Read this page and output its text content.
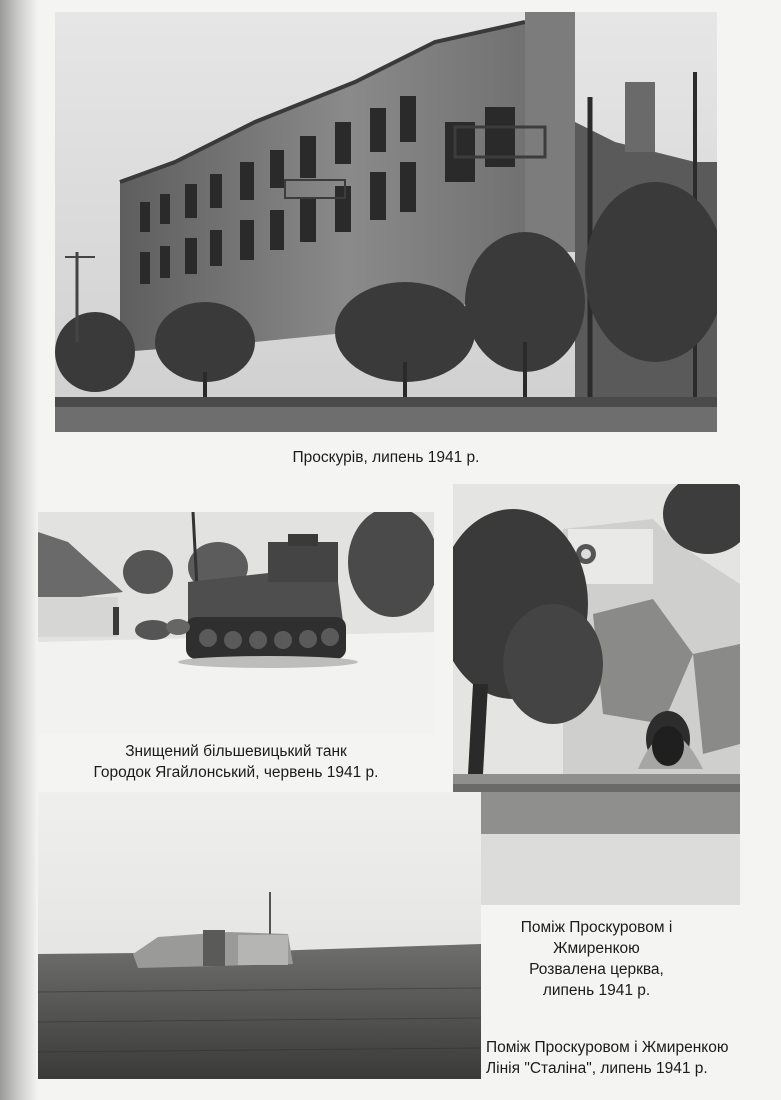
Проскурів, липень 1941 р.
Знищений більшевицький танк
Городок Ягайлонський, червень 1941 р.
Поміж Проскуровом і
Жмиренкою
Розвалена церква,
липень 1941 р.
Поміж Проскуровом і Жмиренкою
Лінія "Сталіна", липень 1941 р.
